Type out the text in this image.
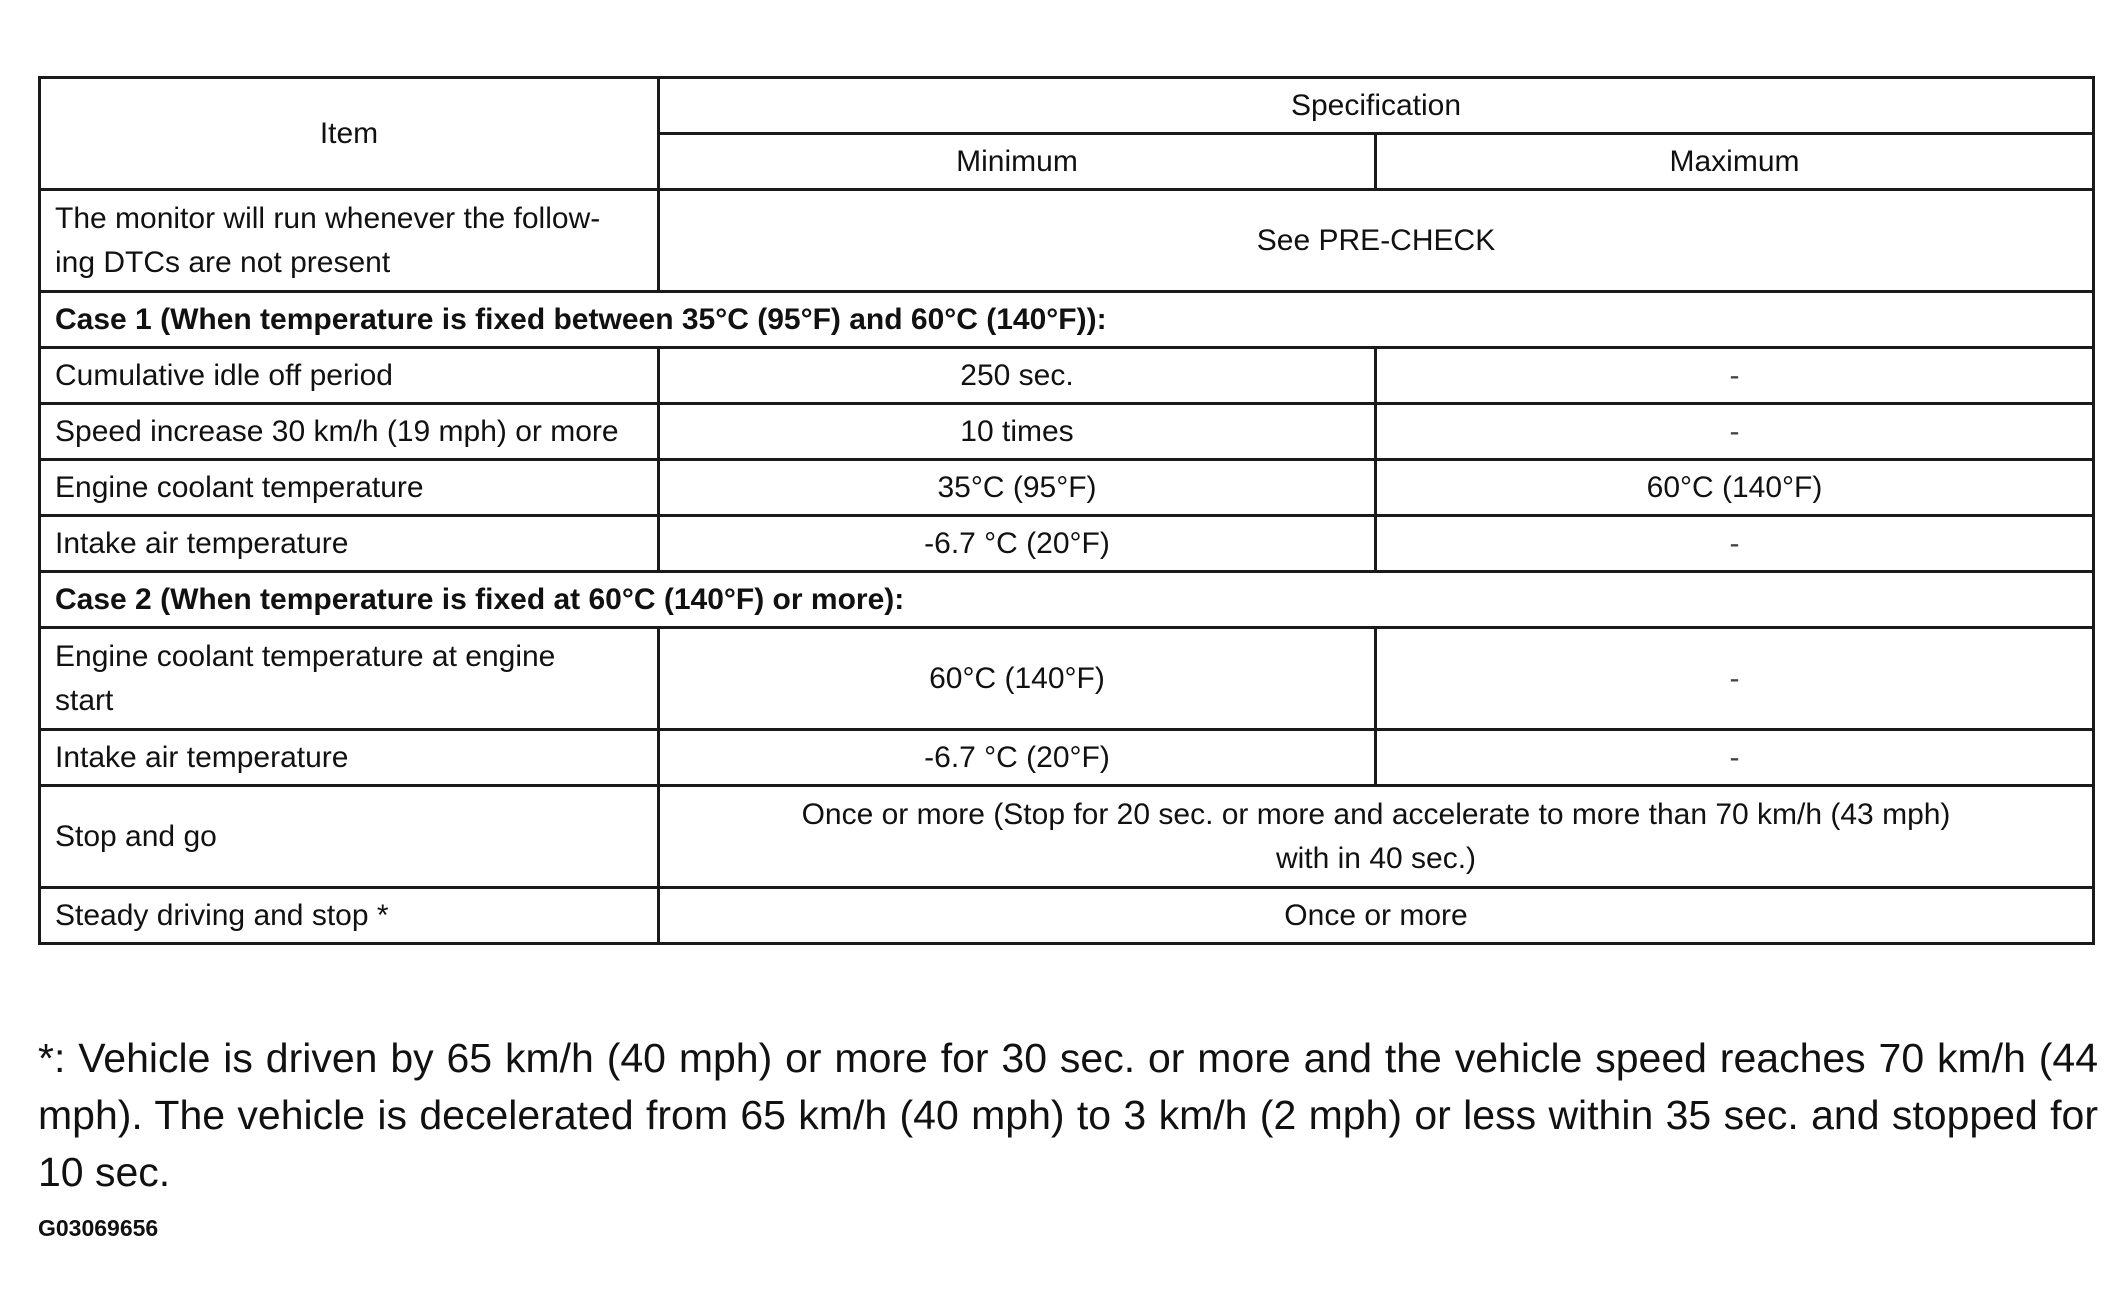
Item	Specification	
	Minimum	Maximum

The monitor will run whenever the follow-
ing DTCs are not present	See PRE-CHECK	
Case 1 (When temperature is fixed between 35°C (95°F) and 60°C (140°F)):		
Cumulative idle off period	250 sec.	-
Speed increase 30 km/h (19 mph) or more	10 times	-
Engine coolant temperature	35°C (95°F)	60°C (140°F)
Intake air temperature	-6.7 °C (20°F)	-
Case 2 (When temperature is fixed at 60°C (140°F) or more):		

Engine coolant temperature at engine
start	60°C (140°F)	-
Intake air temperature	-6.7 °C (20°F)	-
Stop and go	Once or more (Stop for 20 sec. or more and accelerate to more than 70 km/h (43 mph)
with in 40 sec.)	

Steady driving and stop *	Once or more	

*: Vehicle is driven by 65 km/h (40 mph) or more for 30 sec. or more and the vehicle speed reaches 70 km/h (44 mph). The vehicle is decelerated from 65 km/h (40 mph) to 3 km/h (2 mph) or less within 35 sec. and stopped for 10 sec.

G03069656
